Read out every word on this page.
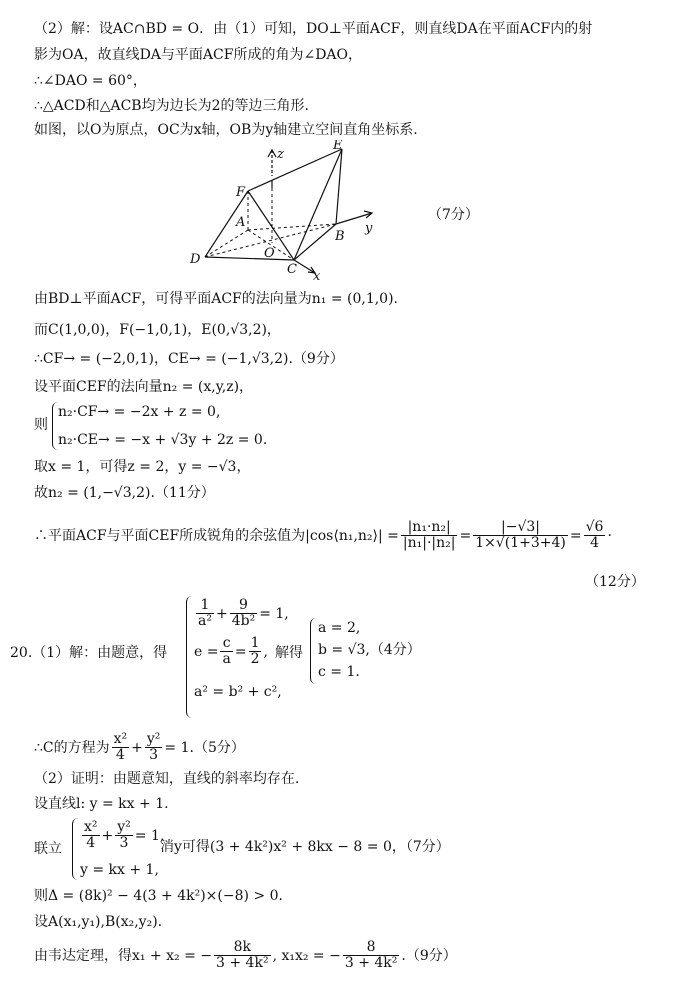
（2）解：设AC∩BD = O．由（1）可知，DO⊥平面ACF，则直线DA在平面ACF内的射
影为OA，故直线DA与平面ACF所成的角为∠DAO，
∴∠DAO = 60°，
∴△ACD和△ACB均为边长为2的等边三角形.
如图，以O为原点，OC为x轴，OB为y轴建立空间直角坐标系.
z
E
F
A	y
B
D	O
C x
（7分）
由BD⊥平面ACF，可得平面ACF的法向量为n₁ = (0,1,0).
而C(1,0,0)，F(−1,0,1)，E(0,√3,2)，
∴CF→ = (−2,0,1)，CE→ = (−1,√3,2).（9分）
设平面CEF的法向量n₂ = (x,y,z)，
则
n₂·CF→ = −2x + z = 0,
n₂·CE→ = −x + √3y + 2z = 0.
取x = 1，可得z = 2，y = −√3，
故n₂ = (1,−√3,2).（11分）
∴平面ACF与平面CEF所成锐角的余弦值为|cos⟨n₁,n₂⟩| = $\frac{\text{|n₁·n₂|}}{\text{|n₁|·|n₂|}} = \frac{|-√3|}{1\times√(1+3+4)} = \frac{√6}{4}$ ·
（12分）
20.（1）解：由题意，得
$\frac{1}{\text{a²}} + \frac{9}{\text{4b²}} = 1$,
$e = \frac{c}{a} = \frac{1}{2}$ ,
a² = b² + c²,
解得
a = 2,
b = √3,（4分）
c = 1.
∴C的方程为 $\frac{\text{x²}}{4} + \frac{\text{y²}}{3} = 1.(5$分）
（2）证明：由题意知，直线的斜率均存在.
设直线l: y = kx + 1.
联立 $\frac{\text{x²}}{4} + \frac{\text{y²}}{3} = 1$,
y = kx + 1,
消y可得(3 + 4k²)x² + 8kx − 8 = 0，（7分）
则Δ = (8k)² − 4(3 + 4k²)×(−8) > 0．
设A(x₁,y₁),B(x₂,y₂).
由韦达定理，得x₁ + x₂ = − $\frac{8k}{\text{3 + 4k²}}$ , x₁x₂ = − $\frac{8}{\text{3 + 4k²}} .(9$分）
